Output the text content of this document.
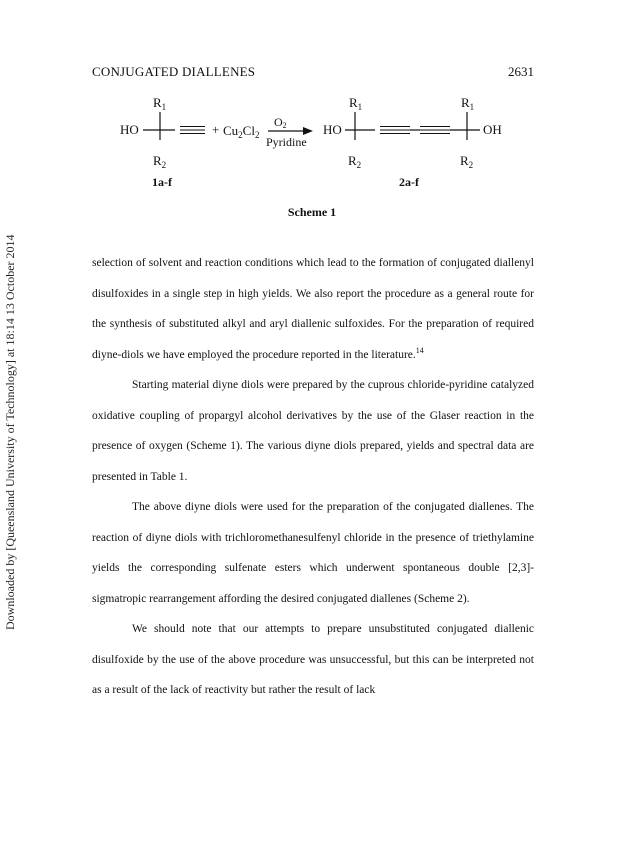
CONJUGATED DIALLENES	2631
Downloaded by [Queensland University of Technology] at 18:14 13 October 2014
$R_1$
HO
$R_2$
1a-f
+ $Cu_2Cl_2$
O2
Pyridine
HO
$R_1$
$R_2$
$R_1$
$R_2$
OH
2a-f
Scheme 1

selection of solvent and reaction conditions which lead to the formation of conjugated diallenyl disulfoxides in a single step in high yields. We also report the procedure as a general route for the synthesis of substituted alkyl and aryl diallenic sulfoxides. For the preparation of required diyne-diols we have employed the procedure reported in the literature.$^{14}$

Starting material diyne diols were prepared by the cuprous chloride-pyridine catalyzed oxidative coupling of propargyl alcohol derivatives by the use of the Glaser reaction in the presence of oxygen (Scheme 1). The various diyne diols prepared, yields and spectral data are presented in Table 1.

The above diyne diols were used for the preparation of the conjugated diallenes. The reaction of diyne diols with trichloromethanesulfenyl chloride in the presence of triethylamine yields the corresponding sulfenate esters which underwent spontaneous double [2,3]-sigmatropic rearrangement affording the desired conjugated diallenes (Scheme 2).

We should note that our attempts to prepare unsubstituted conjugated diallenic disulfoxide by the use of the above procedure was unsuccessful, but this can be interpreted not as a result of the lack of reactivity but rather the result of lack
